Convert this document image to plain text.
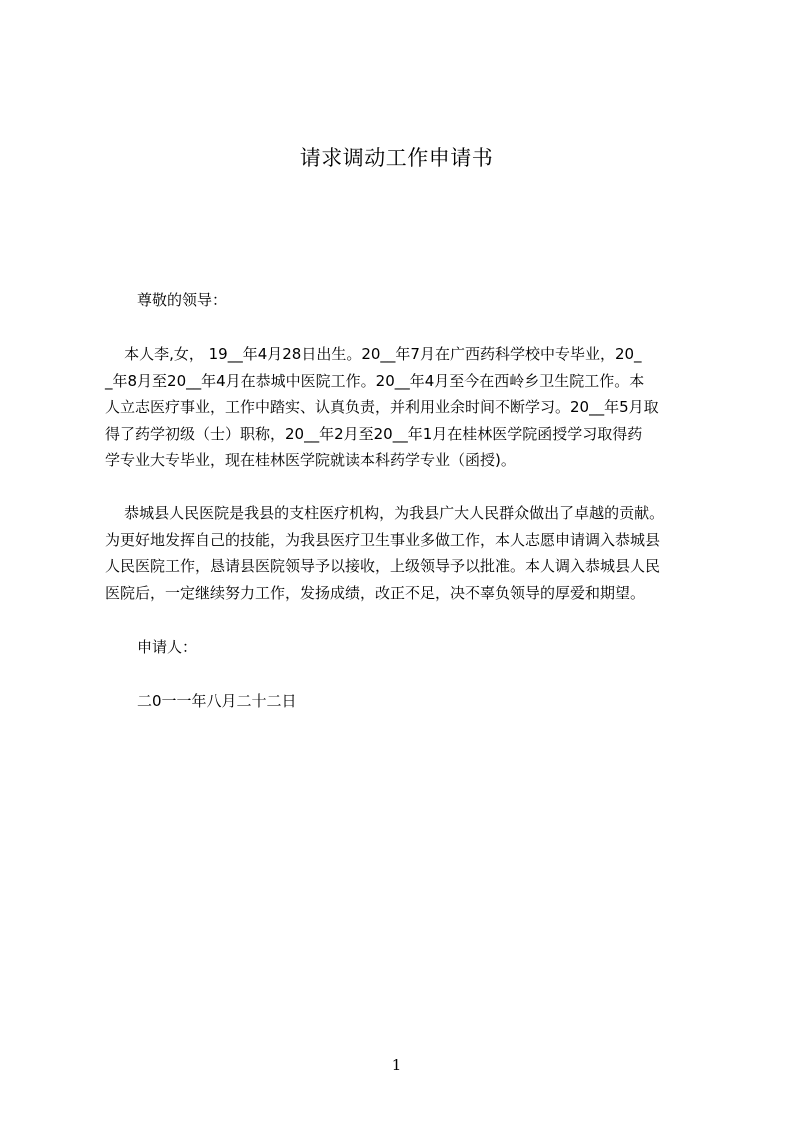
请求调动工作申请书
尊敬的领导：
本人李,女， 19__年4月28日出生。20__年7月在广西药科学校中专毕业，20_
_年8月至20__年4月在恭城中医院工作。20__年4月至今在西岭乡卫生院工作。本
人立志医疗事业，工作中踏实、认真负责，并利用业余时间不断学习。20__年5月取
得了药学初级（士）职称，20__年2月至20__年1月在桂林医学院函授学习取得药
学专业大专毕业，现在桂林医学院就读本科药学专业（函授)。
恭城县人民医院是我县的支柱医疗机构，为我县广大人民群众做出了卓越的贡献。
为更好地发挥自己的技能，为我县医疗卫生事业多做工作，本人志愿申请调入恭城县
人民医院工作，恳请县医院领导予以接收，上级领导予以批准。本人调入恭城县人民
医院后，一定继续努力工作，发扬成绩，改正不足，决不辜负领导的厚爱和期望。
申请人：
二0一一年八月二十二日
1
